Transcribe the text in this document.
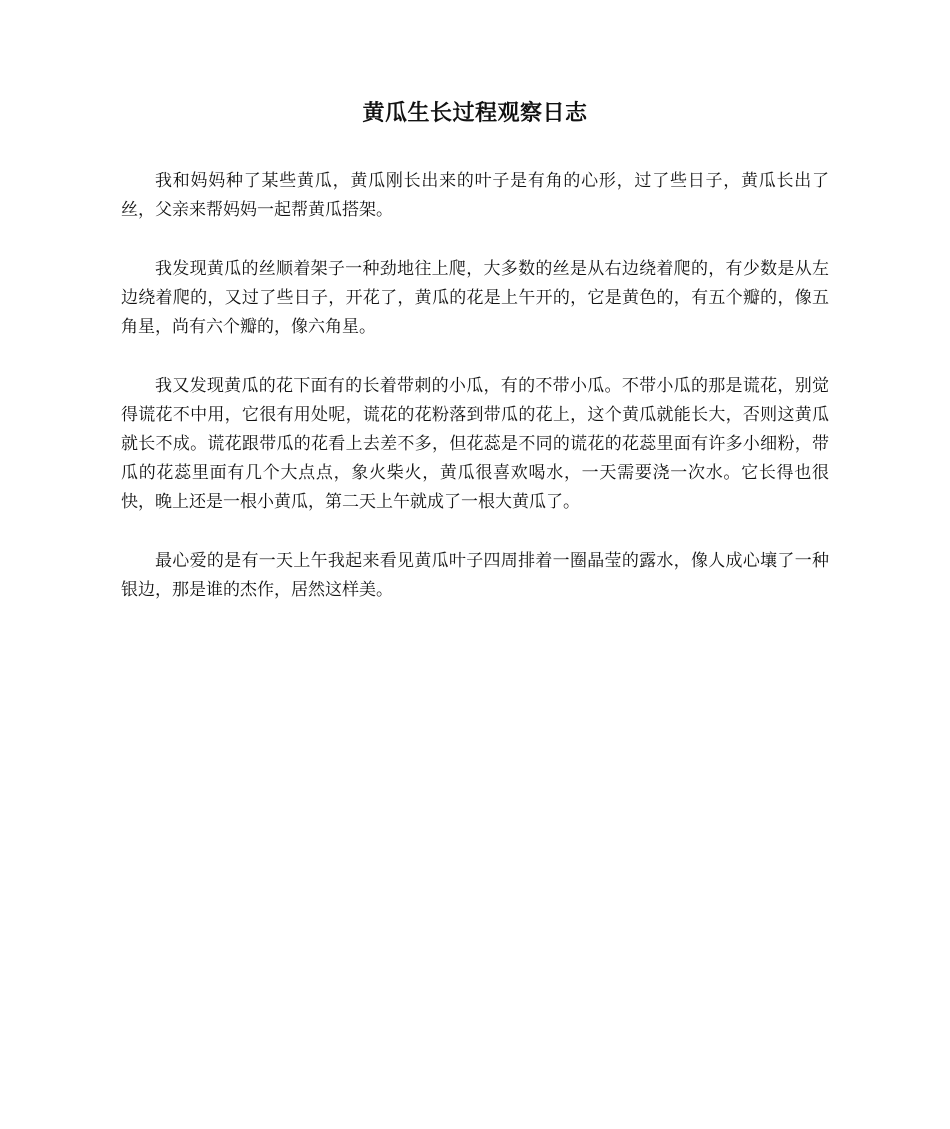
黄瓜生长过程观察日志

我和妈妈种了某些黄瓜，黄瓜刚长出来的叶子是有角的心形，过了些日子，黄瓜长出了丝，父亲来帮妈妈一起帮黄瓜搭架。

我发现黄瓜的丝顺着架子一种劲地往上爬，大多数的丝是从右边绕着爬的，有少数是从左边绕着爬的，又过了些日子，开花了，黄瓜的花是上午开的，它是黄色的，有五个瓣的，像五角星，尚有六个瓣的，像六角星。

我又发现黄瓜的花下面有的长着带刺的小瓜，有的不带小瓜。不带小瓜的那是谎花，别觉得谎花不中用，它很有用处呢，谎花的花粉落到带瓜的花上，这个黄瓜就能长大，否则这黄瓜就长不成。谎花跟带瓜的花看上去差不多，但花蕊是不同的谎花的花蕊里面有许多小细粉，带瓜的花蕊里面有几个大点点，象火柴火，黄瓜很喜欢喝水，一天需要浇一次水。它长得也很快，晚上还是一根小黄瓜，第二天上午就成了一根大黄瓜了。

最心爱的是有一天上午我起来看见黄瓜叶子四周排着一圈晶莹的露水，像人成心壤了一种银边，那是谁的杰作，居然这样美。
